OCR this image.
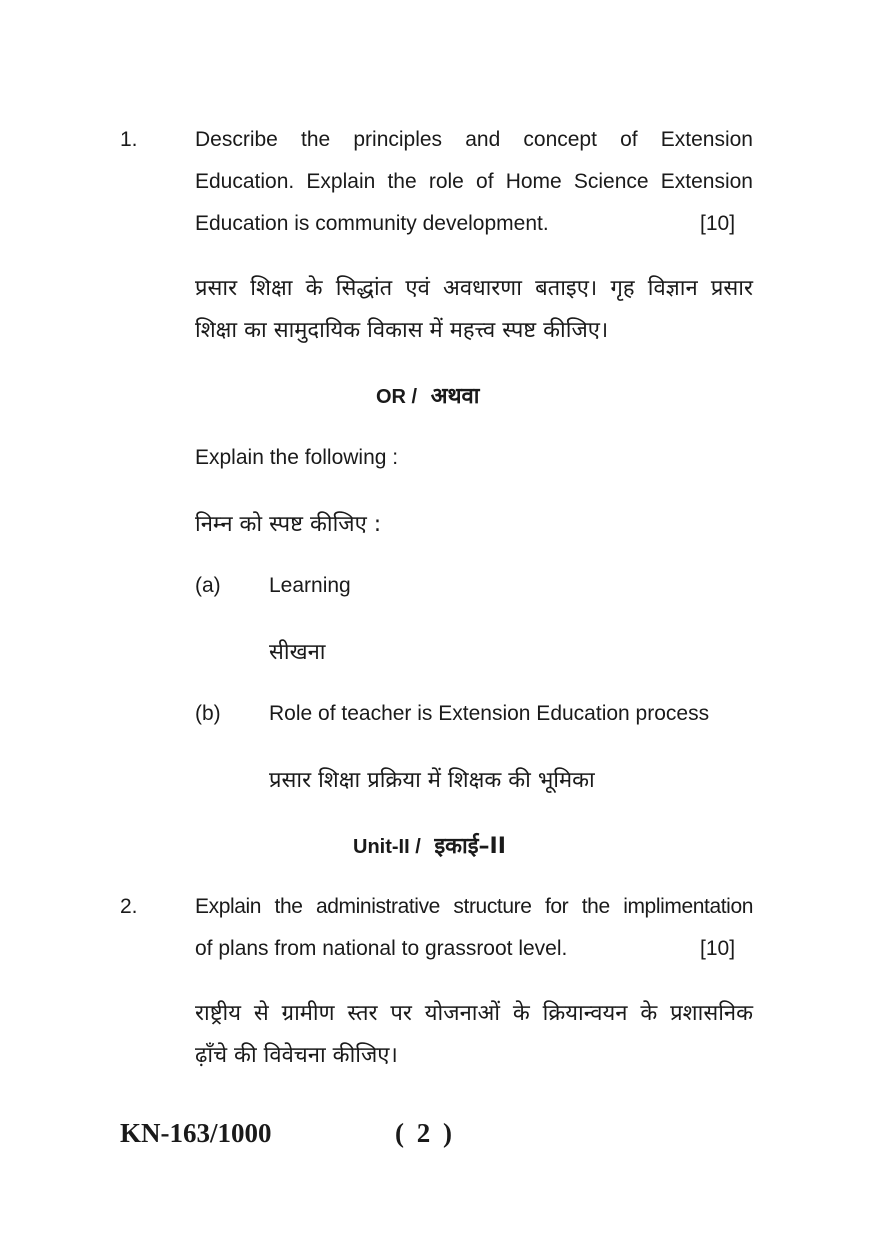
1.	Describe the principles and concept of Extension
Education. Explain the role of Home Science Extension
Education is community development.	[10]
प्रसार शिक्षा के सिद्धांत एवं अवधारणा बताइए। गृह विज्ञान प्रसार
शिक्षा का सामुदायिक विकास में महत्त्व स्पष्ट कीजिए।
OR / अथवा
Explain the following :
निम्न को स्पष्ट कीजिए :
(a) Learning
सीखना
(b) Role of teacher is Extension Education process
प्रसार शिक्षा प्रक्रिया में शिक्षक की भूमिका
Unit-II / इकाई–II
2.	Explain the administrative structure for the implimentation
of plans from national to grassroot level.	[10]
राष्ट्रीय से ग्रामीण स्तर पर योजनाओं के क्रियान्वयन के प्रशासनिक
ढ़ाँचे की विवेचना कीजिए।
KN-163/1000	( 2 )
